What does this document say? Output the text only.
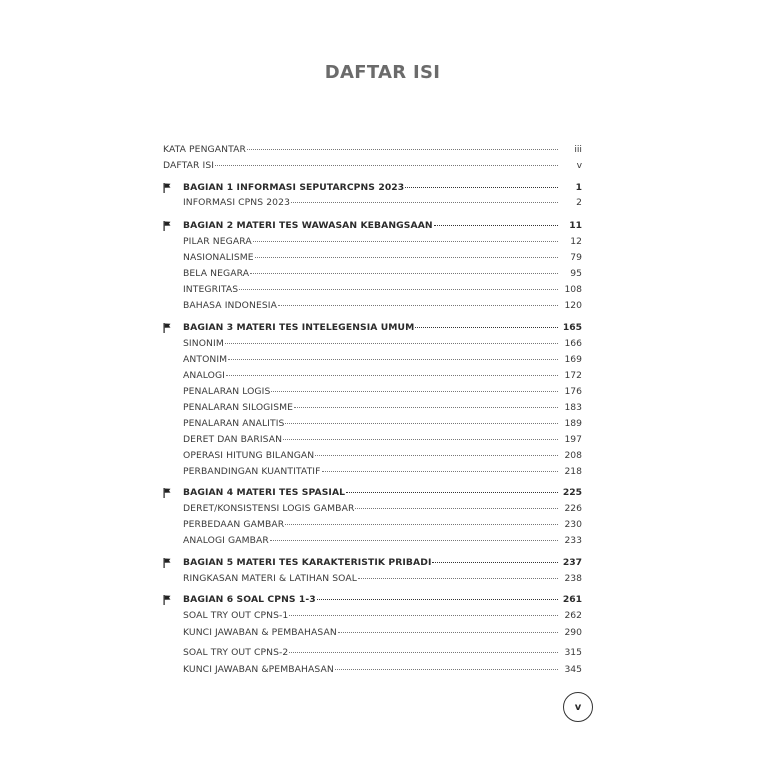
DAFTAR ISI
KATA PENGANTAR	iii
DAFTAR ISI	v
BAGIAN 1 INFORMASI SEPUTARCPNS 2023	1
INFORMASI CPNS 2023	2
BAGIAN 2 MATERI TES WAWASAN KEBANGSAAN	11
PILAR NEGARA	12
NASIONALISME	79
BELA NEGARA	95
INTEGRITAS	108
BAHASA INDONESIA	120
BAGIAN 3 MATERI TES INTELEGENSIA UMUM	165
SINONIM	166
ANTONIM	169
ANALOGI	172
PENALARAN LOGIS	176
PENALARAN SILOGISME	183
PENALARAN ANALITIS	189
DERET DAN BARISAN	197
OPERASI HITUNG BILANGAN	208
PERBANDINGAN KUANTITATIF	218
BAGIAN 4 MATERI TES SPASIAL	225
DERET/KONSISTENSI LOGIS GAMBAR	226
PERBEDAAN GAMBAR	230
ANALOGI GAMBAR	233
BAGIAN 5 MATERI TES KARAKTERISTIK PRIBADI	237
RINGKASAN MATERI & LATIHAN SOAL	238
BAGIAN 6 SOAL CPNS 1-3	261
SOAL TRY OUT CPNS-1	262
KUNCI JAWABAN & PEMBAHASAN	290
SOAL TRY OUT CPNS-2	315
KUNCI JAWABAN &PEMBAHASAN	345
v
